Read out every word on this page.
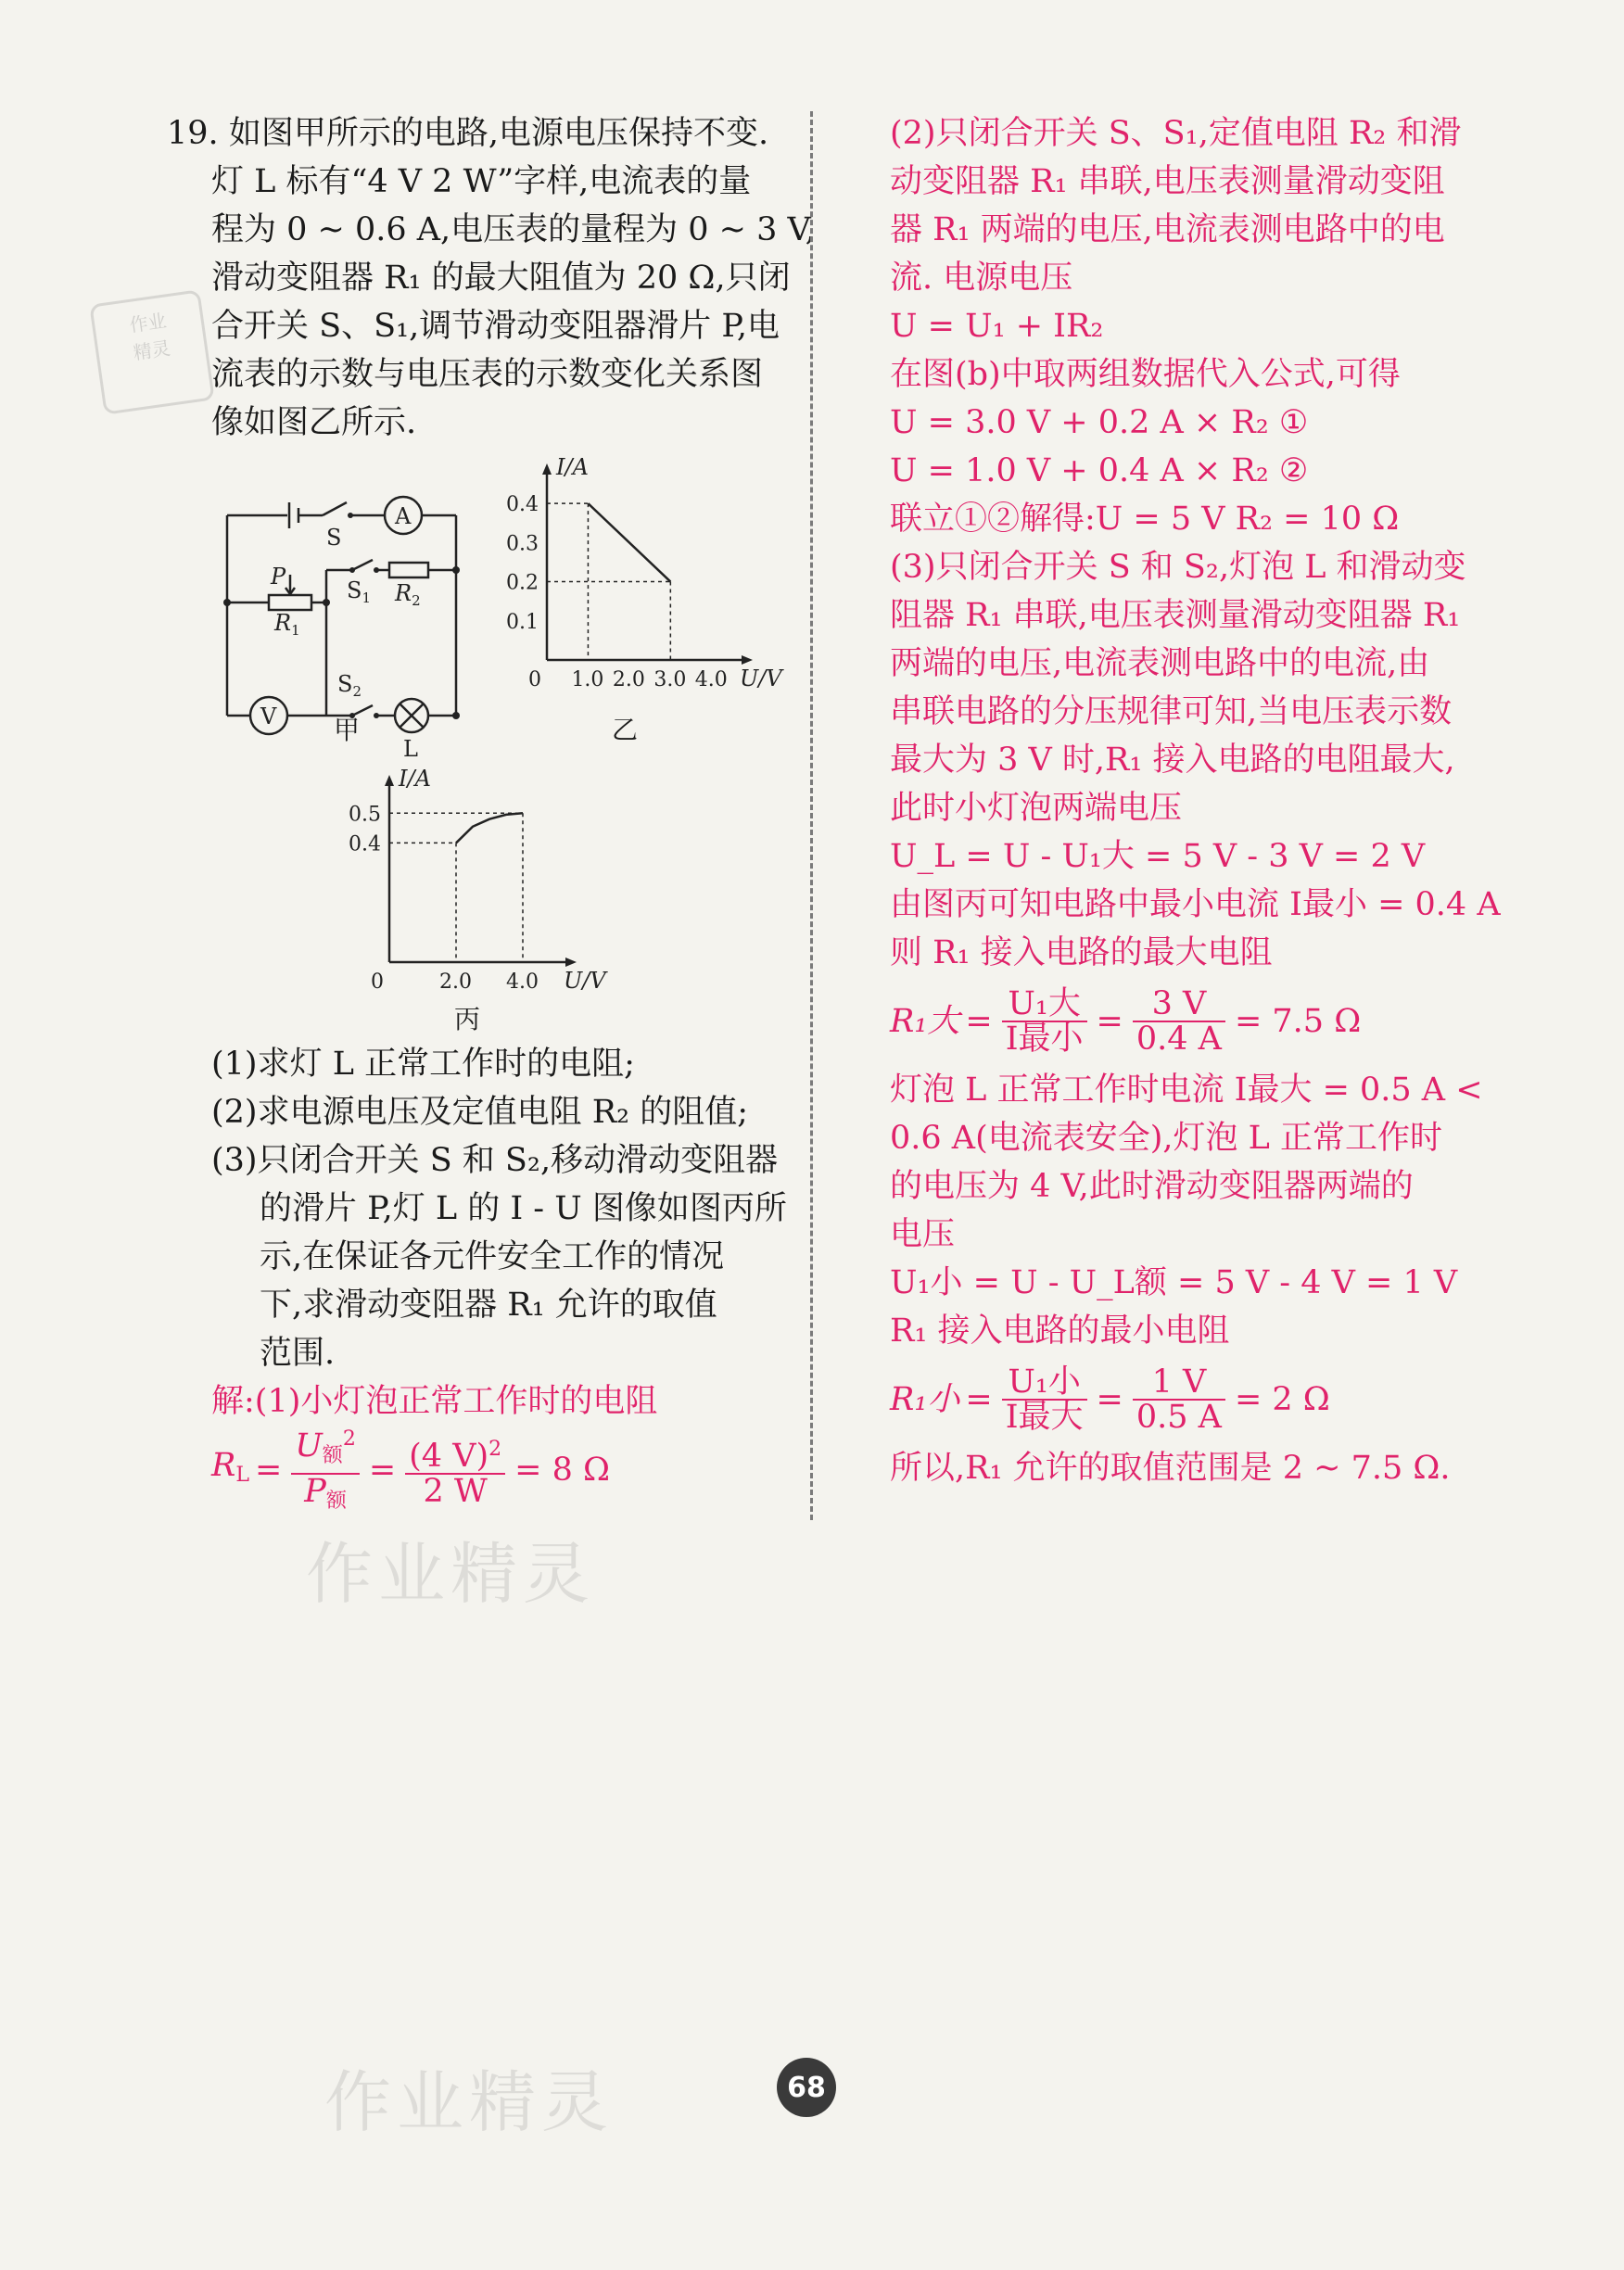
作业
精灵
作业精灵
作业精灵
19. 如图甲所示的电路,电源电压保持不变.
灯 L 标有“4 V 2 W”字样,电流表的量
程为 0 ~ 0.6 A,电压表的量程为 0 ~ 3 V,
滑动变阻器 R₁ 的最大阻值为 20 Ω,只闭
合开关 S、S₁,调节滑动变阻器滑片 P,电
流表的示数与电压表的示数变化关系图
像如图乙所示.
A
V
S
$S_1$ $R_2$
$R_1$
P
$S_2$
L
甲
I/A
U/V
0 1.0 2.0 3.0 4.0
0.1
0.2
0.3
0.4
乙
I/A
U/V
0	2.0 4.0
0.4
0.5
丙
(1)求灯 L 正常工作时的电阻;
(2)求电源电压及定值电阻 R₂ 的阻值;
(3)只闭合开关 S 和 S₂,移动滑动变阻器
的滑片 P,灯 L 的 I - U 图像如图丙所
示,在保证各元件安全工作的情况
下,求滑动变阻器 R₁ 允许的取值
范围.
解:(1)小灯泡正常工作时的电阻
$R_L = \frac{U_额^2}{P_额} = \frac{(4 V)^2}{2 W} = 8$ Ω
(2)只闭合开关 S、S₁,定值电阻 R₂ 和滑
动变阻器 R₁ 串联,电压表测量滑动变阻
器 R₁ 两端的电压,电流表测电路中的电
流. 电源电压
U = U₁ + IR₂
在图(b)中取两组数据代入公式,可得
U = 3.0 V + 0.2 A × R₂ ①
U = 1.0 V + 0.4 A × R₂ ②
联立①②解得:U = 5 V R₂ = 10 Ω
(3)只闭合开关 S 和 S₂,灯泡 L 和滑动变
阻器 R₁ 串联,电压表测量滑动变阻器 R₁
两端的电压,电流表测电路中的电流,由
串联电路的分压规律可知,当电压表示数
最大为 3 V 时,R₁ 接入电路的电阻最大,
此时小灯泡两端电压
U_L = U - U₁大 = 5 V - 3 V = 2 V
由图丙可知电路中最小电流 I最小 = 0.4 A
则 R₁ 接入电路的最大电阻
R₁大 = $\frac{\text{U₁大}}{\text{I最小}} = \frac{3 V}{0.4 A} = 7.5$ Ω
灯泡 L 正常工作时电流 I最大 = 0.5 A <
0.6 A(电流表安全),灯泡 L 正常工作时
的电压为 4 V,此时滑动变阻器两端的
电压
U₁小 = U - U_L额 = 5 V - 4 V = 1 V
R₁ 接入电路的最小电阻
R₁小 = $\frac{\text{U₁小}}{\text{I最大}} = \frac{1 V}{0.5 A} = 2$ Ω
所以,R₁ 允许的取值范围是 2 ~ 7.5 Ω.
68
